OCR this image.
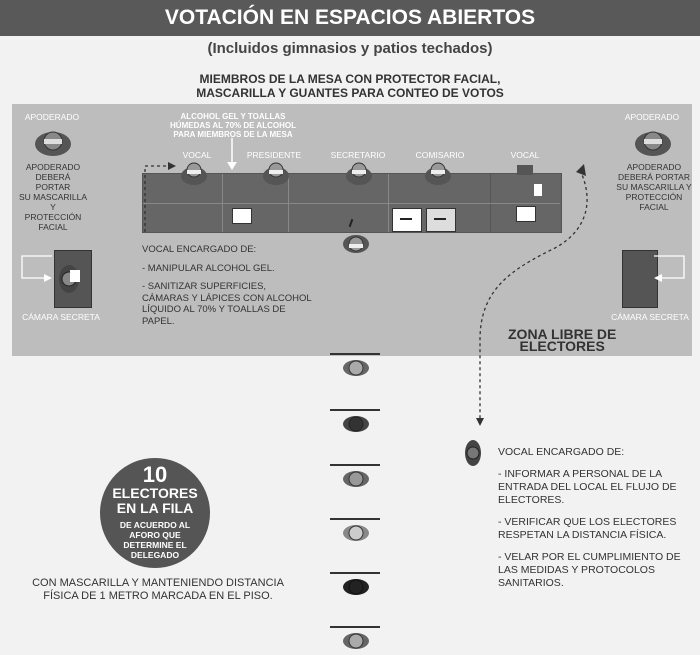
VOTACIÓN EN ESPACIOS ABIERTOS
(Incluidos gimnasios y patios techados)
MIEMBROS DE LA MESA CON PROTECTOR FACIAL,
MASCARILLA Y GUANTES PARA CONTEO DE VOTOS
APODERADO
APODERADO
DEBERÁ PORTAR
SU MASCARILLA Y
PROTECCIÓN
FACIAL
APODERADO
APODERADO
DEBERÁ PORTAR
SU MASCARILLA Y
PROTECCIÓN
FACIAL
ALCOHOL GEL Y TOALLAS
HÚMEDAS AL 70% DE ALCOHOL
PARA MIEMBROS DE LA MESA
VOCAL	PRESIDENTE	SECRETARIO	COMISARIO	VOCAL

VOCAL ENCARGADO DE:

- MANIPULAR ALCOHOL GEL.

- SANITIZAR SUPERFICIES, CÁMARAS Y LÁPICES CON ALCOHOL LÍQUIDO AL 70% Y TOALLAS DE PAPEL.

CÁMARA SECRETA	CÁMARA SECRETA
ZONA LIBRE DE
ELECTORES

VOCAL ENCARGADO DE:

- INFORMAR A PERSONAL DE LA ENTRADA DEL LOCAL EL FLUJO DE ELECTORES.

- VERIFICAR QUE LOS ELECTORES RESPETAN LA DISTANCIA FÍSICA.

- VELAR POR EL CUMPLIMIENTO DE LAS MEDIDAS Y PROTOCOLOS SANITARIOS.

10
ELECTORES
EN LA FILA
DE ACUERDO AL
AFORO QUE
DETERMINE EL
DELEGADO
CON MASCARILLA Y MANTENIENDO DISTANCIA
FÍSICA DE 1 METRO MARCADA EN EL PISO.
